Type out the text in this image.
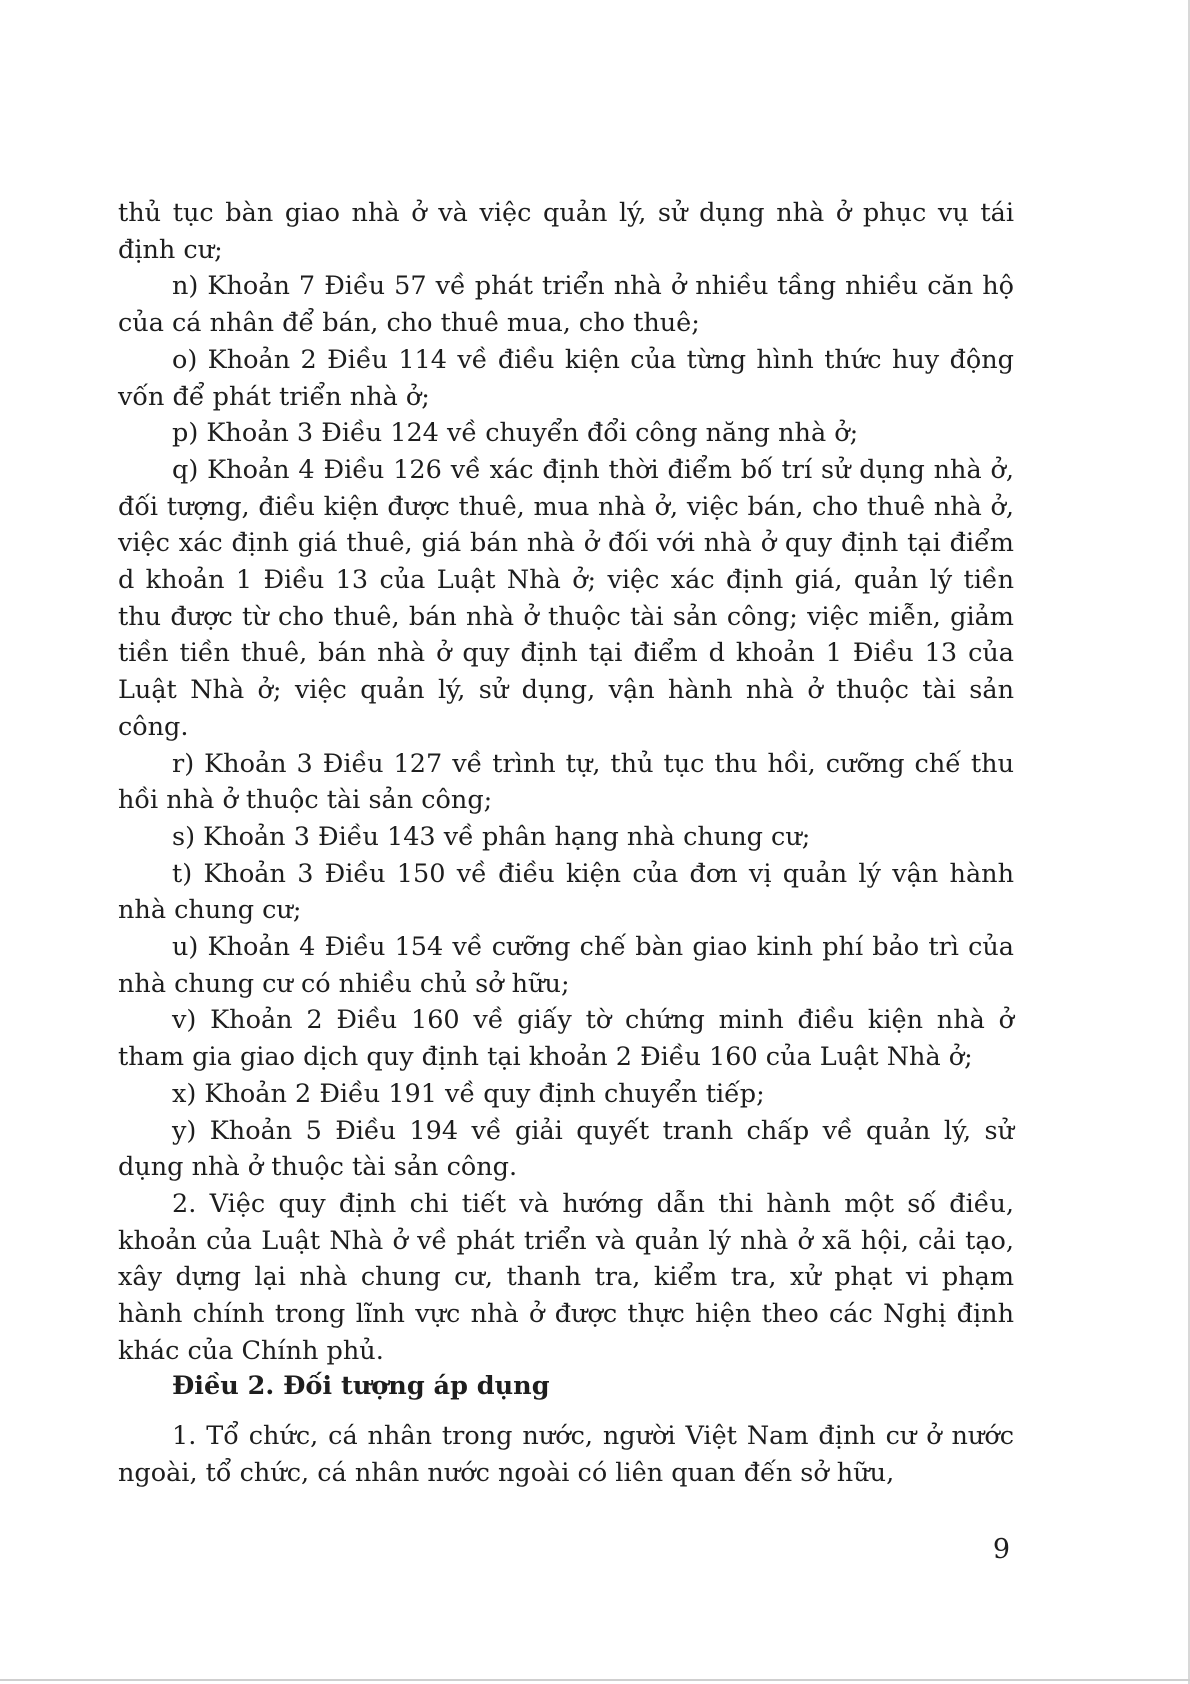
thủ tục bàn giao nhà ở và việc quản lý, sử dụng nhà ở phục vụ tái định cư;

n) Khoản 7 Điều 57 về phát triển nhà ở nhiều tầng nhiều căn hộ của cá nhân để bán, cho thuê mua, cho thuê;

o) Khoản 2 Điều 114 về điều kiện của từng hình thức huy động vốn để phát triển nhà ở;

p) Khoản 3 Điều 124 về chuyển đổi công năng nhà ở;

q) Khoản 4 Điều 126 về xác định thời điểm bố trí sử dụng nhà ở, đối tượng, điều kiện được thuê, mua nhà ở, việc bán, cho thuê nhà ở, việc xác định giá thuê, giá bán nhà ở đối với nhà ở quy định tại điểm d khoản 1 Điều 13 của Luật Nhà ở; việc xác định giá, quản lý tiền thu được từ cho thuê, bán nhà ở thuộc tài sản công; việc miễn, giảm tiền tiền thuê, bán nhà ở quy định tại điểm d khoản 1 Điều 13 của Luật Nhà ở; việc quản lý, sử dụng, vận hành nhà ở thuộc tài sản công.

r) Khoản 3 Điều 127 về trình tự, thủ tục thu hồi, cưỡng chế thu hồi nhà ở thuộc tài sản công;

s) Khoản 3 Điều 143 về phân hạng nhà chung cư;

t) Khoản 3 Điều 150 về điều kiện của đơn vị quản lý vận hành nhà chung cư;

u) Khoản 4 Điều 154 về cưỡng chế bàn giao kinh phí bảo trì của nhà chung cư có nhiều chủ sở hữu;

v) Khoản 2 Điều 160 về giấy tờ chứng minh điều kiện nhà ở tham gia giao dịch quy định tại khoản 2 Điều 160 của Luật Nhà ở;

x) Khoản 2 Điều 191 về quy định chuyển tiếp;

y) Khoản 5 Điều 194 về giải quyết tranh chấp về quản lý, sử dụng nhà ở thuộc tài sản công.

2. Việc quy định chi tiết và hướng dẫn thi hành một số điều, khoản của Luật Nhà ở về phát triển và quản lý nhà ở xã hội, cải tạo, xây dựng lại nhà chung cư, thanh tra, kiểm tra, xử phạt vi phạm hành chính trong lĩnh vực nhà ở được thực hiện theo các Nghị định khác của Chính phủ.

Điều 2. Đối tượng áp dụng

1. Tổ chức, cá nhân trong nước, người Việt Nam định cư ở nước ngoài, tổ chức, cá nhân nước ngoài có liên quan đến sở hữu,

9
